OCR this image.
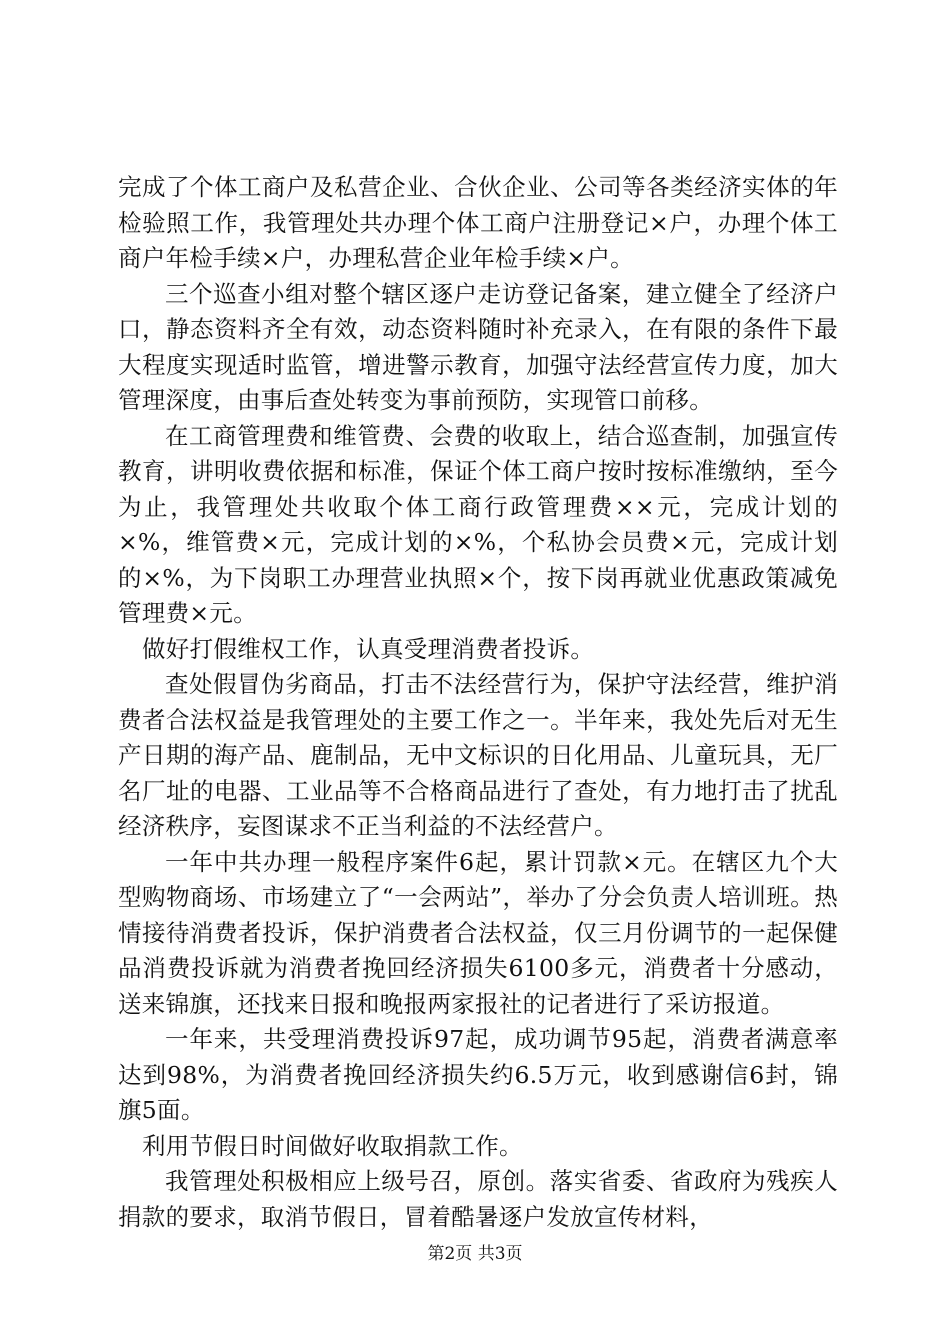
完成了个体工商户及私营企业、合伙企业、公司等各类经济实体的年检验照工作，我管理处共办理个体工商户注册登记×户，办理个体工商户年检手续×户，办理私营企业年检手续×户。

三个巡查小组对整个辖区逐户走访登记备案，建立健全了经济户口，静态资料齐全有效，动态资料随时补充录入，在有限的条件下最大程度实现适时监管，增进警示教育，加强守法经营宣传力度，加大管理深度，由事后查处转变为事前预防，实现管口前移。

在工商管理费和维管费、会费的收取上，结合巡查制，加强宣传教育，讲明收费依据和标准，保证个体工商户按时按标准缴纳，至今为止，我管理处共收取个体工商行政管理费××元，完成计划的×%，维管费×元，完成计划的×%，个私协会员费×元，完成计划的×%，为下岗职工办理营业执照×个，按下岗再就业优惠政策减免管理费×元。

做好打假维权工作，认真受理消费者投诉。

查处假冒伪劣商品，打击不法经营行为，保护守法经营，维护消费者合法权益是我管理处的主要工作之一。半年来，我处先后对无生产日期的海产品、鹿制品，无中文标识的日化用品、儿童玩具，无厂名厂址的电器、工业品等不合格商品进行了查处，有力地打击了扰乱经济秩序，妄图谋求不正当利益的不法经营户。

一年中共办理一般程序案件6起，累计罚款×元。在辖区九个大型购物商场、市场建立了“一会两站”，举办了分会负责人培训班。热情接待消费者投诉，保护消费者合法权益，仅三月份调节的一起保健品消费投诉就为消费者挽回经济损失6100多元，消费者十分感动，送来锦旗，还找来日报和晚报两家报社的记者进行了采访报道。

一年来，共受理消费投诉97起，成功调节95起，消费者满意率达到98%，为消费者挽回经济损失约6.5万元，收到感谢信6封，锦旗5面。

利用节假日时间做好收取捐款工作。

我管理处积极相应上级号召，原创。落实省委、省政府为残疾人捐款的要求，取消节假日，冒着酷暑逐户发放宣传材料，

第2页 共3页
